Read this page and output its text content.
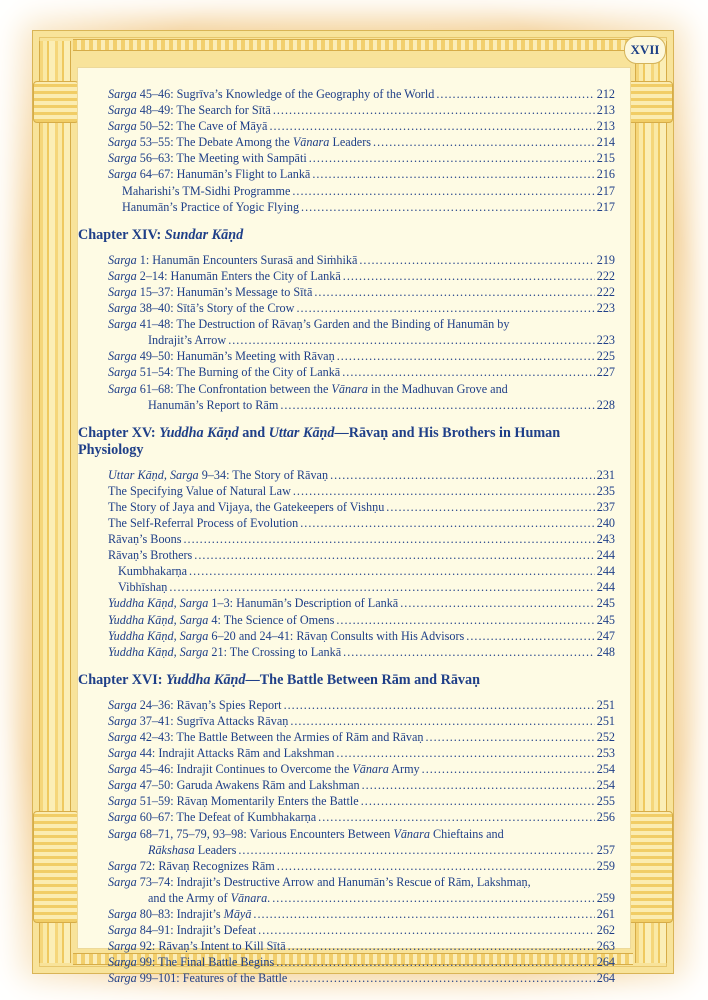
XVII
Sarga 45–46: Sugrīva’s Knowledge of the Geography of the World .....	212
Sarga 48–49: The Search for Sītā .....	213
Sarga 50–52: The Cave of Māyā .....	213
Sarga 53–55: The Debate Among the Vānara Leaders .....	214
Sarga 56–63: The Meeting with Sampāti .....	215
Sarga 64–67: Hanumān’s Flight to Lankā .....	216
Maharishi’s TM-Sidhi Programme .....	217
Hanumān’s Practice of Yogic Flying .....	217
Chapter XIV: Sundar Kāṇd
Sarga 1: Hanumān Encounters Surasā and Siṁhikā .....	219
Sarga 2–14: Hanumān Enters the City of Lankā .....	222
Sarga 15–37: Hanumān’s Message to Sītā .....	222
Sarga 38–40: Sītā’s Story of the Crow .....	223
Sarga 41–48: The Destruction of Rāvaṇ’s Garden and the Binding of Hanumān by
Indrajit’s Arrow .....	223
Sarga 49–50: Hanumān’s Meeting with Rāvaṇ .....	225
Sarga 51–54: The Burning of the City of Lankā .....	227
Sarga 61–68: The Confrontation between the Vānara in the Madhuvan Grove and
Hanumān’s Report to Rām .....	228
Chapter XV: Yuddha Kāṇd and Uttar Kāṇd—Rāvaṇ and His Brothers in Human
Physiology
Uttar Kāṇd, Sarga 9–34: The Story of Rāvaṇ .....	231
The Specifying Value of Natural Law .....	235
The Story of Jaya and Vijaya, the Gatekeepers of Vishṇu .....	237
The Self-Referral Process of Evolution .....	240
Rāvaṇ’s Boons .....	243
Rāvaṇ’s Brothers .....	244
Kumbhakarṇa .....	244
Vibhīshaṇ .....	244
Yuddha Kāṇd, Sarga 1–3: Hanumān’s Description of Lankā .....	245
Yuddha Kāṇd, Sarga 4: The Science of Omens .....	245
Yuddha Kāṇd, Sarga 6–20 and 24–41: Rāvaṇ Consults with His Advisors .....	247
Yuddha Kāṇd, Sarga 21: The Crossing to Lankā .....	248
Chapter XVI: Yuddha Kāṇd—The Battle Between Rām and Rāvaṇ
Sarga 24–36: Rāvaṇ’s Spies Report .....	251
Sarga 37–41: Sugrīva Attacks Rāvaṇ .....	251
Sarga 42–43: The Battle Between the Armies of Rām and Rāvaṇ .....	252
Sarga 44: Indrajit Attacks Rām and Lakshman .....	253
Sarga 45–46: Indrajit Continues to Overcome the Vānara Army .....	254
Sarga 47–50: Garuda Awakens Rām and Lakshman .....	254
Sarga 51–59: Rāvaṇ Momentarily Enters the Battle .....	255
Sarga 60–67: The Defeat of Kumbhakarṇa .....	256
Sarga 68–71, 75–79, 93–98: Various Encounters Between Vānara Chieftains and
Rākshasa Leaders .....	257
Sarga 72: Rāvaṇ Recognizes Rām .....	259
Sarga 73–74: Indrajit’s Destructive Arrow and Hanumān’s Rescue of Rām, Lakshmaṇ,
and the Army of Vānara. .....	259
Sarga 80–83: Indrajit’s Māyā .....	261
Sarga 84–91: Indrajit’s Defeat .....	262
Sarga 92: Rāvaṇ’s Intent to Kill Sītā .....	263
Sarga 99: The Final Battle Begins .....	264
Sarga 99–101: Features of the Battle .....	264
